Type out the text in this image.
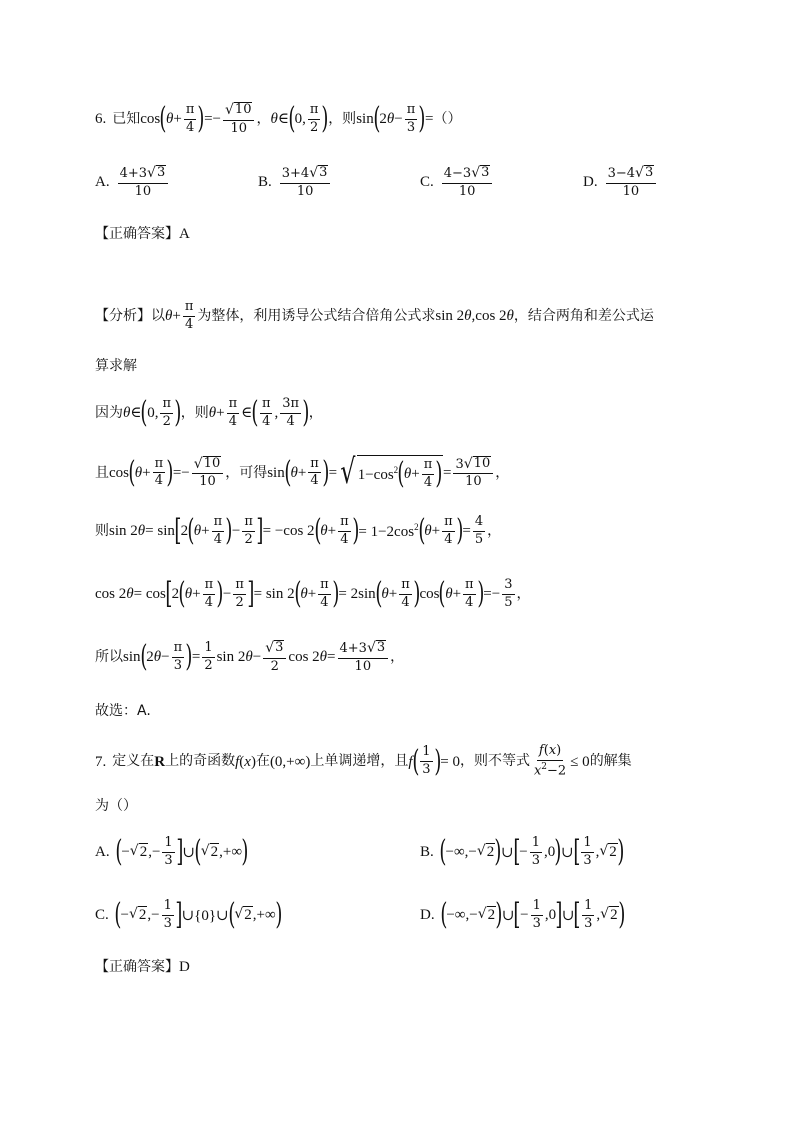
6. 已知 cos ( $\theta + \frac{\pi}{4}$ ) =− $\frac{√ 10}{10}$ ， θ ∈ ( 0, $\frac{\pi}{2}$ ) ，则 sin ( 2 $\theta - \frac{\pi}{3}$ ) = （）
A. $\frac{4+3 √ 3}{10}$	B. $\frac{3+4 √ 3}{10}$	C. $\frac{4-3 √ 3}{10}$	D. $\frac{3-4 √ 3}{10}$
【正确答案】 A
【分析】 以 $\theta + \frac{\pi}{4}$ 为整体，利用诱导公式结合倍角公式求 sin 2 θ ,cos 2 θ ，结合两角和差公式运
算求解
因为 θ ∈ ( 0, $\frac{\pi}{2}$ ) ，则 $\theta + \frac{\pi}{4}$ ∈ ( $\frac{\pi}{4}$ , $\frac{3\pi}{4}$ ) ，
且 cos ( $\theta + \frac{\pi}{4}$ ) =− $\frac{√ 10}{10}$ ，可得 sin ( $\theta + \frac{\pi}{4}$ ) = √ $1-\cos^2$ ( $\theta + \frac{\pi}{4}$ ) = $\frac{3 √ 10}{10}$ ，
则 sin 2 θ = sin [ 2 ( $\theta + \frac{\pi}{4}$ ) − $\frac{\pi}{2}$ ] = −cos 2 ( $\theta + \frac{\pi}{4}$ ) = $1-2\cos^2$ ( $\theta + \frac{\pi}{4}$ ) = $\frac{4}{5}$ ，
cos 2 θ = cos [ 2 ( $\theta + \frac{\pi}{4}$ ) − $\frac{\pi}{2}$ ] = sin 2 ( $\theta + \frac{\pi}{4}$ ) = 2sin ( $\theta + \frac{\pi}{4}$ ) cos ( $\theta + \frac{\pi}{4}$ ) =− $\frac{3}{5}$ ，
所以 sin ( 2 $\theta - \frac{\pi}{3}$ ) = $\frac{1}{2}$ sin 2 $\theta - \frac{√ 3}{2}$ cos 2 $\theta = \frac{4+3 √ 3}{10}$ ，
故选：A.
7. 定义在 R 上的奇函数 f ( x ) 在 (0,+∞) 上单调递增，且 f ( $\frac{1}{3}$ ) = 0 ，则不等式 $\frac{f(x)}{x^2-2} \le 0$ 的解集
为（）
A. ( − √ 2 ,− $\frac{1}{3}$ ] ∪ ( √ 2 ,+∞ )	B. ( −∞,− √ 2 ) ∪ [ − $\frac{1}{3} ,0$ ) ∪ [ $\frac{1}{3}$ , √ 2 )
C. ( − √ 2 ,− $\frac{1}{3}$ ] ∪{0}∪ ( √ 2 ,+∞ )	D. ( −∞,− √ 2 ) ∪ [ − $\frac{1}{3} ,0$ ] ∪ [ $\frac{1}{3}$ , √ 2 )
【正确答案】 D
